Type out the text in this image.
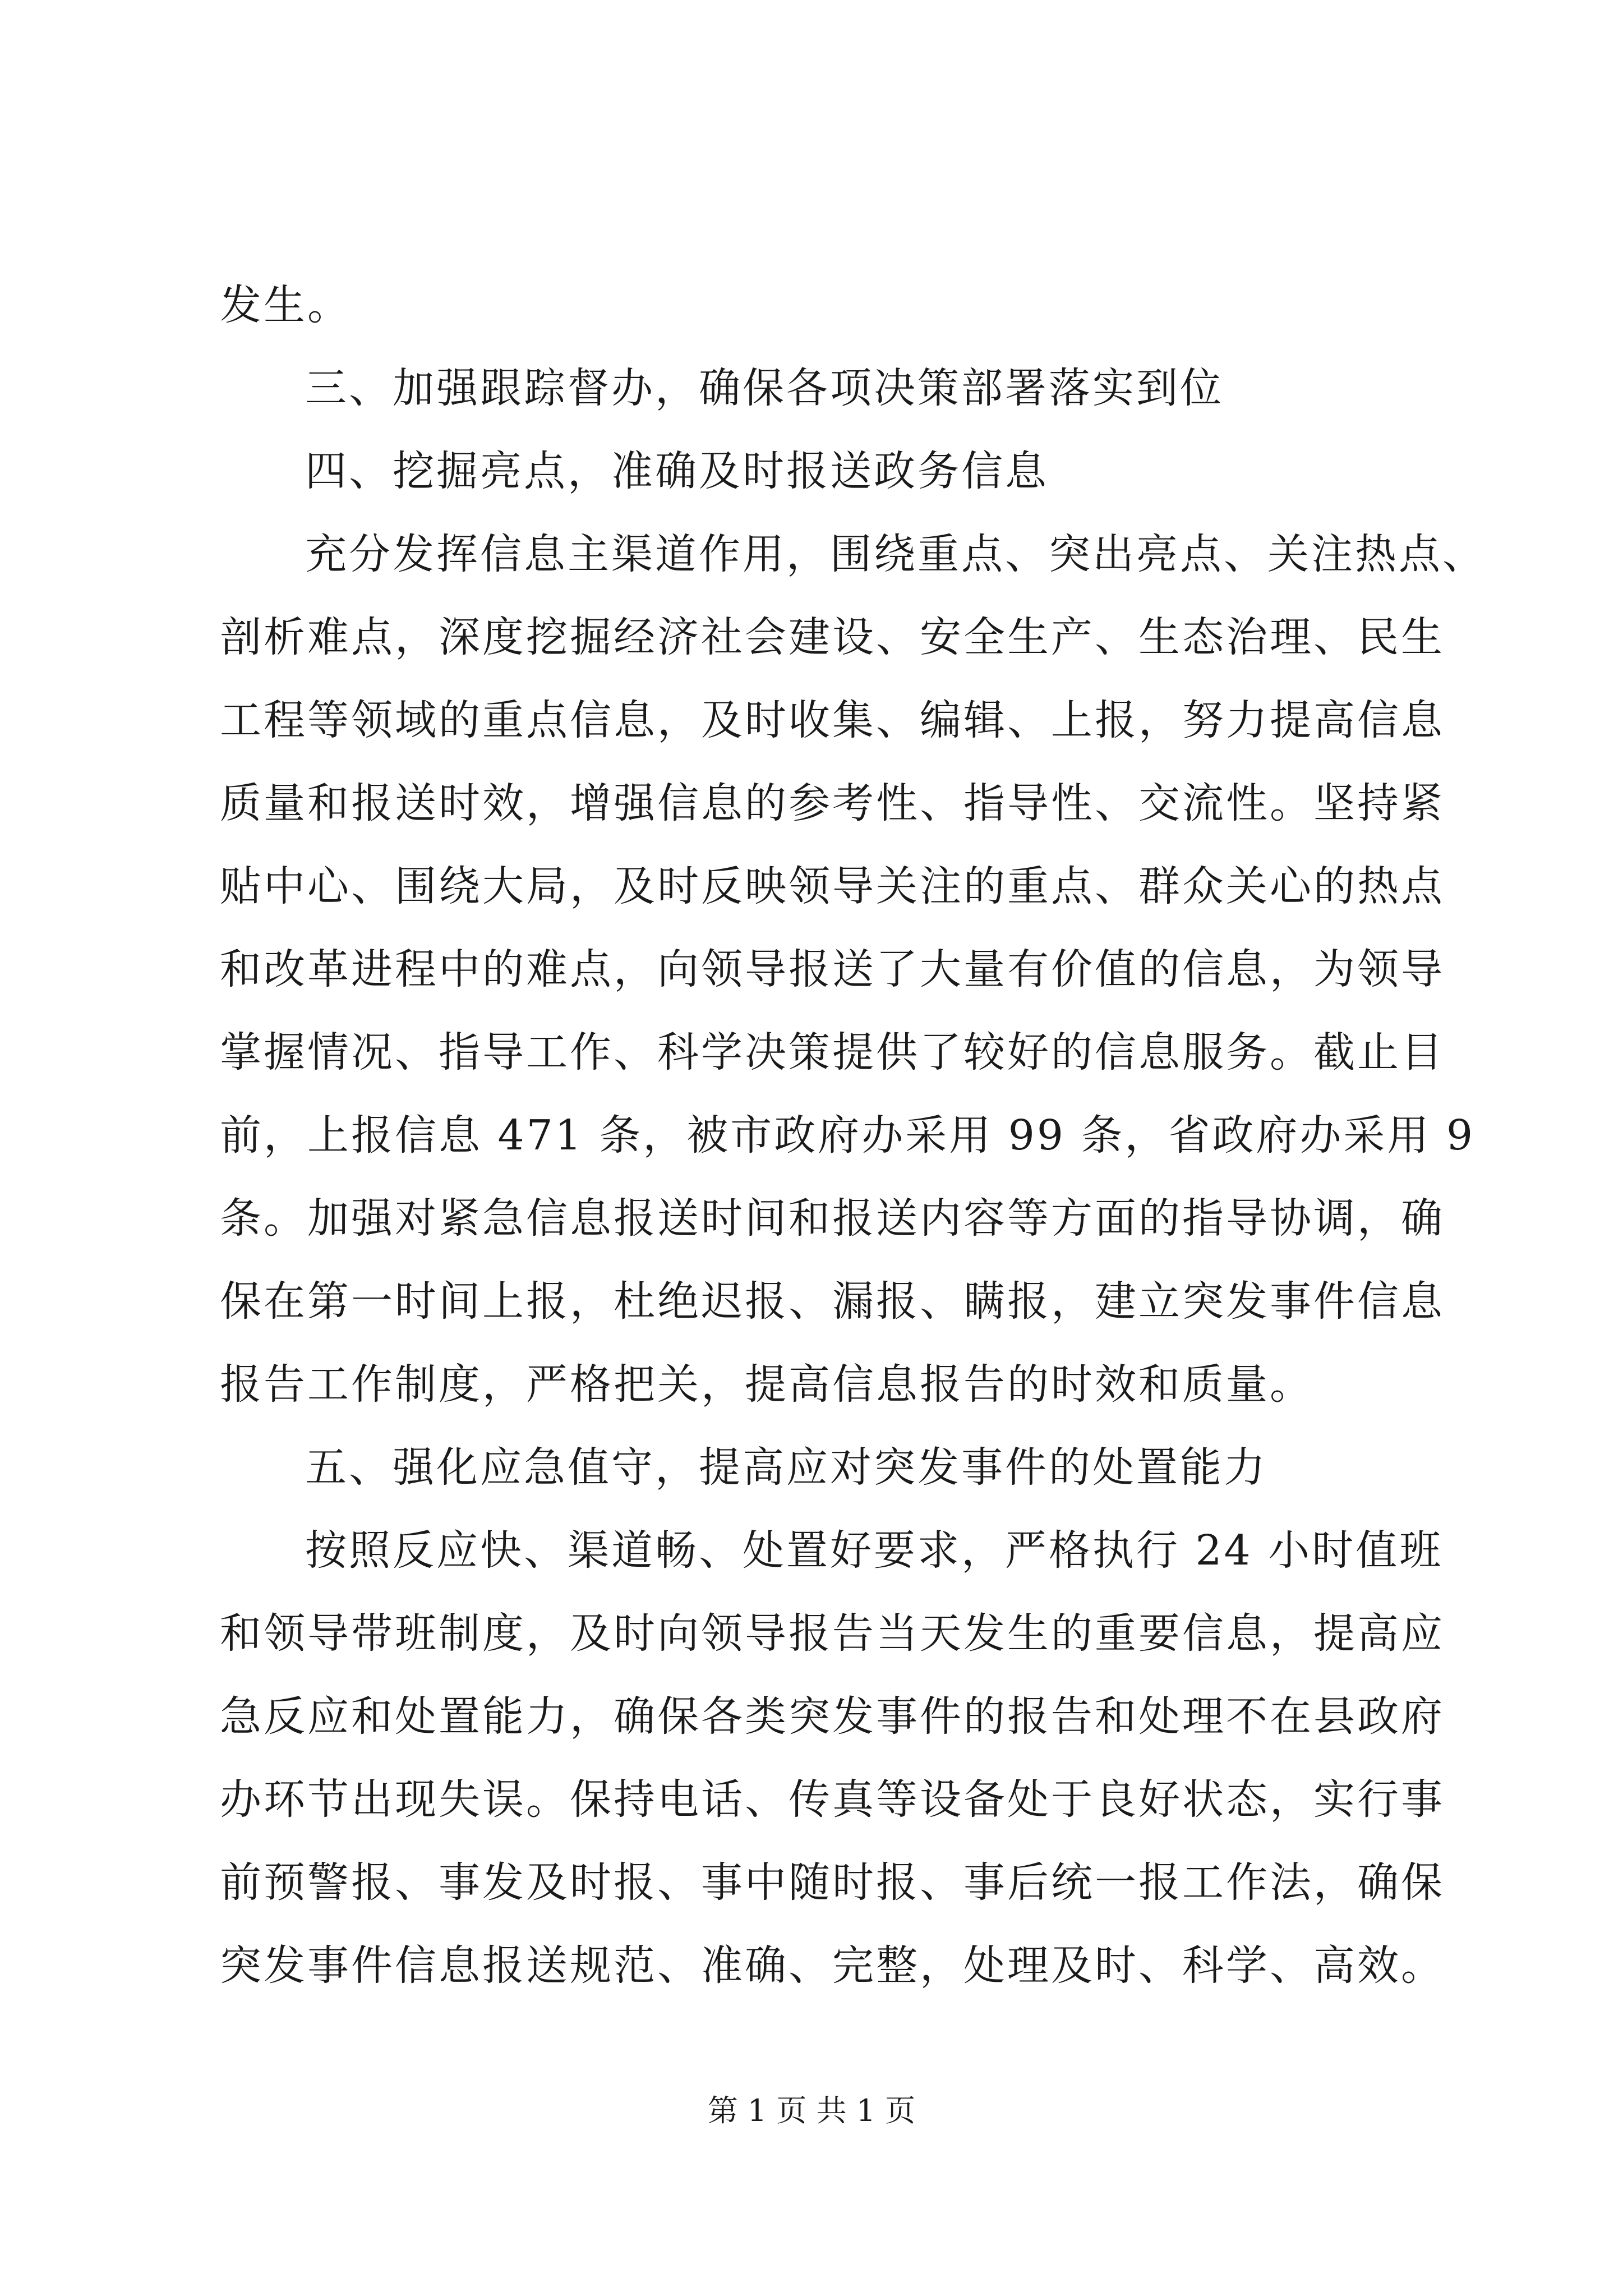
发生。
三、加强跟踪督办，确保各项决策部署落实到位
四、挖掘亮点，准确及时报送政务信息
充分发挥信息主渠道作用，围绕重点、突出亮点、关注热点、
剖析难点，深度挖掘经济社会建设、安全生产、生态治理、民生
工程等领域的重点信息，及时收集、编辑、上报，努力提高信息
质量和报送时效，增强信息的参考性、指导性、交流性。坚持紧
贴中心、围绕大局，及时反映领导关注的重点、群众关心的热点
和改革进程中的难点，向领导报送了大量有价值的信息，为领导
掌握情况、指导工作、科学决策提供了较好的信息服务。截止目
前，上报信息 471 条，被市政府办采用 99 条，省政府办采用 9
条。加强对紧急信息报送时间和报送内容等方面的指导协调，确
保在第一时间上报，杜绝迟报、漏报、瞒报，建立突发事件信息
报告工作制度，严格把关，提高信息报告的时效和质量。
五、强化应急值守，提高应对突发事件的处置能力
按照反应快、渠道畅、处置好要求，严格执行 24 小时值班
和领导带班制度，及时向领导报告当天发生的重要信息，提高应
急反应和处置能力，确保各类突发事件的报告和处理不在县政府
办环节出现失误。保持电话、传真等设备处于良好状态，实行事
前预警报、事发及时报、事中随时报、事后统一报工作法，确保
突发事件信息报送规范、准确、完整，处理及时、科学、高效。
第 1 页 共 1 页
